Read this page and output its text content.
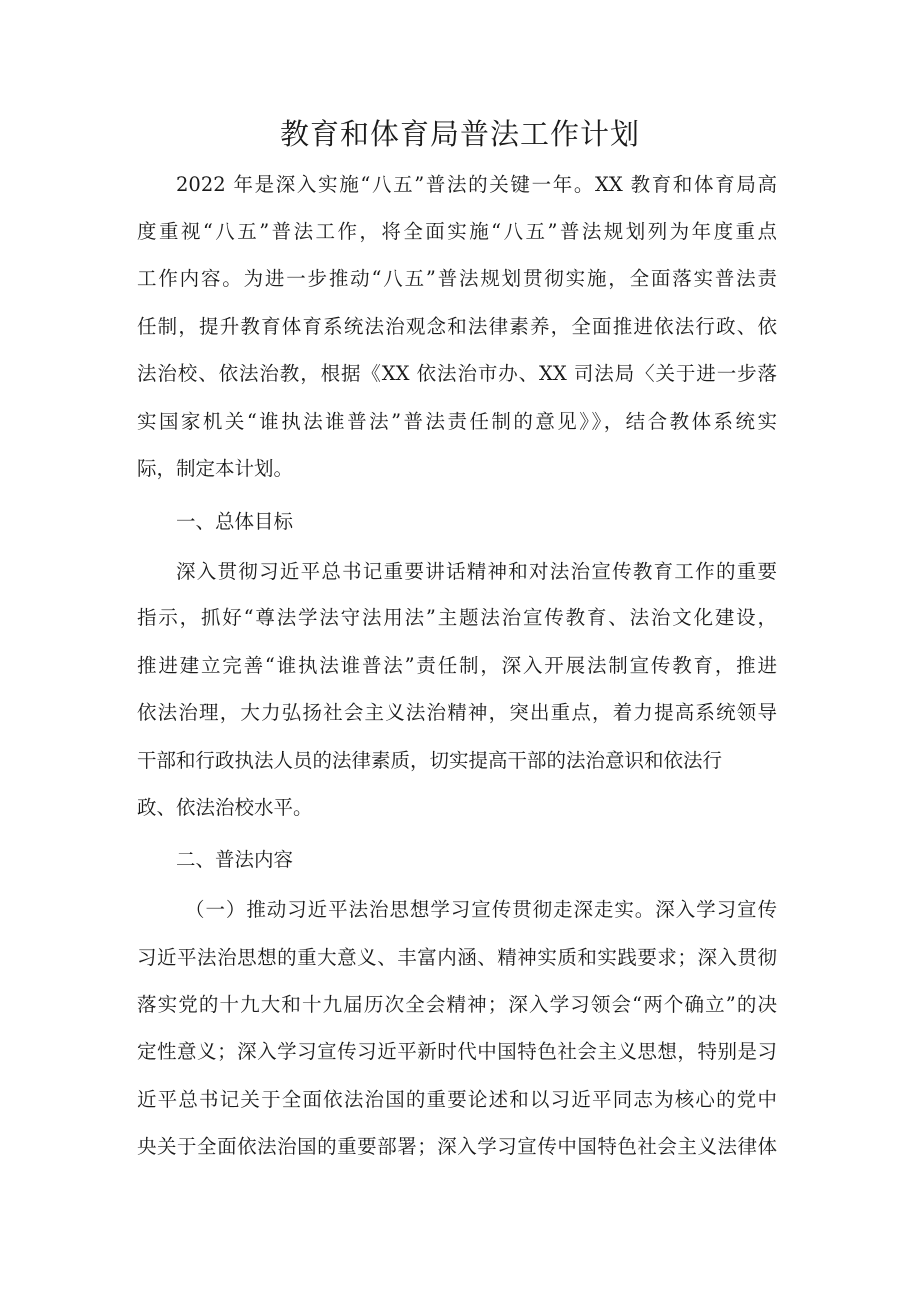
教育和体育局普法工作计划
2022 年是深入实施“八五”普法的关键一年。XX 教育和体育局高
度重视“八五”普法工作，将全面实施“八五”普法规划列为年度重点
工作内容。为进一步推动“八五”普法规划贯彻实施，全面落实普法责
任制，提升教育体育系统法治观念和法律素养，全面推进依法行政、依
法治校、依法治教，根据《XX 依法治市办、XX 司法局〈关于进一步落
实国家机关“谁执法谁普法”普法责任制的意见》》，结合教体系统实
际，制定本计划。
一、总体目标
深入贯彻习近平总书记重要讲话精神和对法治宣传教育工作的重要
指示，抓好“尊法学法守法用法”主题法治宣传教育、法治文化建设，
推进建立完善“谁执法谁普法”责任制，深入开展法制宣传教育，推进
依法治理，大力弘扬社会主义法治精神，突出重点，着力提高系统领导
干部和行政执法人员的法律素质，切实提高干部的法治意识和依法行
政、依法治校水平。
二、普法内容
（一）推动习近平法治思想学习宣传贯彻走深走实。深入学习宣传
习近平法治思想的重大意义、丰富内涵、精神实质和实践要求；深入贯彻
落实党的十九大和十九届历次全会精神；深入学习领会“两个确立”的决
定性意义；深入学习宣传习近平新时代中国特色社会主义思想，特别是习
近平总书记关于全面依法治国的重要论述和以习近平同志为核心的党中
央关于全面依法治国的重要部署；深入学习宣传中国特色社会主义法律体
